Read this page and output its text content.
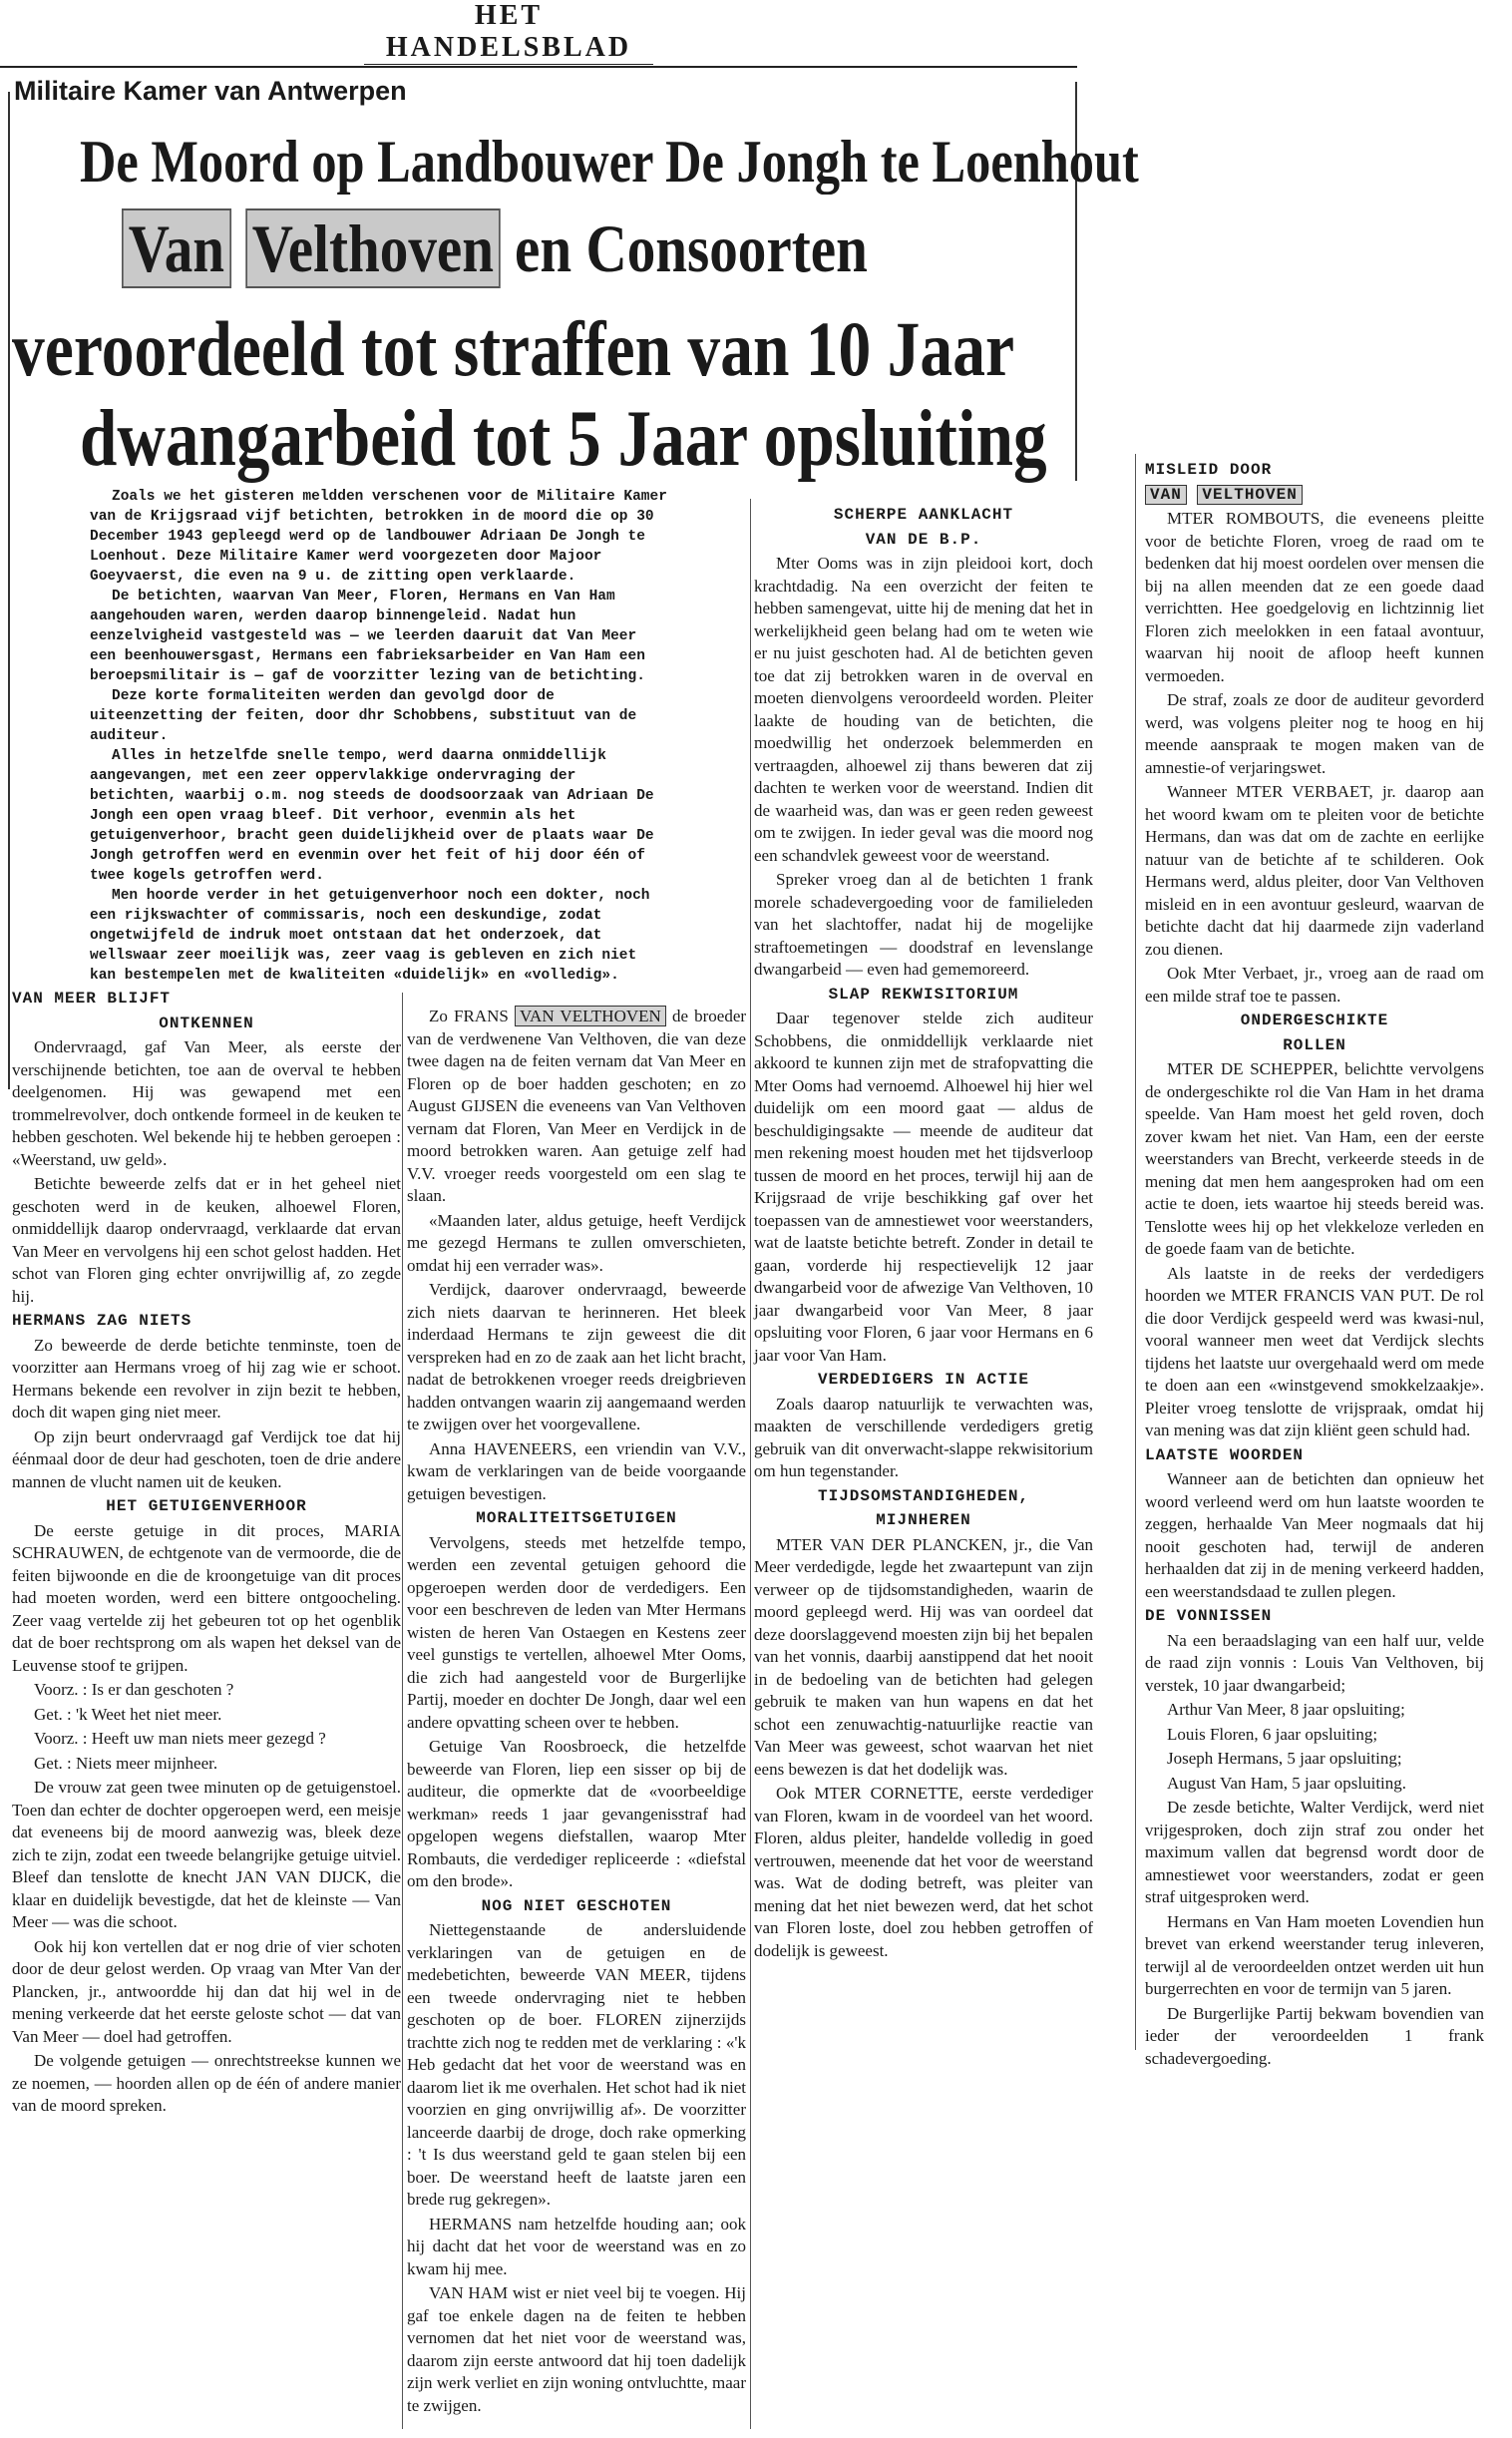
HET HANDELSBLAD
Militaire Kamer van Antwerpen
De Moord op Landbouwer De Jongh te Loenhout
Van Velthoven en Consoorten
veroordeeld tot straffen van 10 Jaar
dwangarbeid tot 5 Jaar opsluiting

Zoals we het gisteren meldden verschenen voor de Militaire Kamer van de Krijgsraad vijf betichten, betrokken in de moord die op 30 December 1943 gepleegd werd op de landbouwer Adriaan De Jongh te Loenhout. Deze Militaire Kamer werd voorgezeten door Majoor Goeyvaerst, die even na 9 u. de zitting open verklaarde.

De betichten, waarvan Van Meer, Floren, Hermans en Van Ham aangehouden waren, werden daarop binnengeleid. Nadat hun eenzelvigheid vastgesteld was — we leerden daaruit dat Van Meer een beenhouwersgast, Hermans een fabrieksarbeider en Van Ham een beroepsmilitair is — gaf de voorzitter lezing van de betichting.

Deze korte formaliteiten werden dan gevolgd door de uiteenzetting der feiten, door dhr Schobbens, substituut van de auditeur.

Alles in hetzelfde snelle tempo, werd daarna onmiddellijk aangevangen, met een zeer oppervlakkige ondervraging der betichten, waarbij o.m. nog steeds de doodsoorzaak van Adriaan De Jongh een open vraag bleef. Dit verhoor, evenmin als het getuigenverhoor, bracht geen duidelijkheid over de plaats waar De Jongh getroffen werd en evenmin over het feit of hij door één of twee kogels getroffen werd.

Men hoorde verder in het getuigenverhoor noch een dokter, noch een rijkswachter of commissaris, noch een deskundige, zodat ongetwijfeld de indruk moet ontstaan dat het onderzoek, dat wellswaar zeer moeilijk was, zeer vaag is gebleven en zich niet kan bestempelen met de kwaliteiten «duidelijk» en «volledig».

VAN MEER BLIJFT

ONTKENNEN

Ondervraagd, gaf Van Meer, als eerste der verschijnende betichten, toe aan de overval te hebben deelgenomen. Hij was gewapend met een trommelrevolver, doch ontkende formeel in de keuken te hebben geschoten. Wel bekende hij te hebben geroepen : «Weerstand, uw geld».

Betichte beweerde zelfs dat er in het geheel niet geschoten werd in de keuken, alhoewel Floren, onmiddellijk daarop ondervraagd, verklaarde dat ervan Van Meer en vervolgens hij een schot gelost hadden. Het schot van Floren ging echter onvrijwillig af, zo zegde hij.

HERMANS ZAG NIETS

Zo beweerde de derde betichte tenminste, toen de voorzitter aan Hermans vroeg of hij zag wie er schoot. Hermans bekende een revolver in zijn bezit te hebben, doch dit wapen ging niet meer.

Op zijn beurt ondervraagd gaf Verdijck toe dat hij éénmaal door de deur had geschoten, toen de drie andere mannen de vlucht namen uit de keuken.

HET GETUIGENVERHOOR

De eerste getuige in dit proces, MARIA SCHRAUWEN, de echtgenote van de vermoorde, die de feiten bijwoonde en die de kroongetuige van dit proces had moeten worden, werd een bittere ontgoocheling. Zeer vaag vertelde zij het gebeuren tot op het ogenblik dat de boer rechtsprong om als wapen het deksel van de Leuvense stoof te grijpen.

Voorz. : Is er dan geschoten ?

Get. : 'k Weet het niet meer.

Voorz. : Heeft uw man niets meer gezegd ?

Get. : Niets meer mijnheer.

De vrouw zat geen twee minuten op de getuigenstoel. Toen dan echter de dochter opgeroepen werd, een meisje dat eveneens bij de moord aanwezig was, bleek deze zich te zijn, zodat een tweede belangrijke getuige uitviel. Bleef dan tenslotte de knecht JAN VAN DIJCK, die klaar en duidelijk bevestigde, dat het de kleinste — Van Meer — was die schoot.

Ook hij kon vertellen dat er nog drie of vier schoten door de deur gelost werden. Op vraag van Mter Van der Plancken, jr., antwoordde hij dan dat hij wel in de mening verkeerde dat het eerste geloste schot — dat van Van Meer — doel had getroffen.

De volgende getuigen — onrechtstreekse kunnen we ze noemen, — hoorden allen op de één of andere manier van de moord spreken.

Zo FRANS VAN VELTHOVEN de broeder van de verdwenene Van Velthoven, die van deze twee dagen na de feiten vernam dat Van Meer en Floren op de boer hadden geschoten; en zo August GIJSEN die eveneens van Van Velthoven vernam dat Floren, Van Meer en Verdijck in de moord betrokken waren. Aan getuige zelf had V.V. vroeger reeds voorgesteld om een slag te slaan.

«Maanden later, aldus getuige, heeft Verdijck me gezegd Hermans te zullen omverschieten, omdat hij een verrader was».

Verdijck, daarover ondervraagd, beweerde zich niets daarvan te herinneren. Het bleek inderdaad Hermans te zijn geweest die dit verspreken had en zo de zaak aan het licht bracht, nadat de betrokkenen vroeger reeds dreigbrieven hadden ontvangen waarin zij aangemaand werden te zwijgen over het voorgevallene.

Anna HAVENEERS, een vriendin van V.V., kwam de verklaringen van de beide voorgaande getuigen bevestigen.

MORALITEITSGETUIGEN

Vervolgens, steeds met hetzelfde tempo, werden een zevental getuigen gehoord die opgeroepen werden door de verdedigers. Een voor een beschreven de leden van Mter Hermans wisten de heren Van Ostaegen en Kestens zeer veel gunstigs te vertellen, alhoewel Mter Ooms, die zich had aangesteld voor de Burgerlijke Partij, moeder en dochter De Jongh, daar wel een andere opvatting scheen over te hebben.

Getuige Van Roosbroeck, die hetzelfde beweerde van Floren, liep een sisser op bij de auditeur, die opmerkte dat de «voorbeeldige werkman» reeds 1 jaar gevangenisstraf had opgelopen wegens diefstallen, waarop Mter Rombauts, die verdediger repliceerde : «diefstal om den brode».

NOG NIET GESCHOTEN

Niettegenstaande de andersluidende verklaringen van de getuigen en de medebetichten, beweerde VAN MEER, tijdens een tweede ondervraging niet te hebben geschoten op de boer. FLOREN zijnerzijds trachtte zich nog te redden met de verklaring : «'k Heb gedacht dat het voor de weerstand was en daarom liet ik me overhalen. Het schot had ik niet voorzien en ging onvrijwillig af». De voorzitter lanceerde daarbij de droge, doch rake opmerking : 't Is dus weerstand geld te gaan stelen bij een boer. De weerstand heeft de laatste jaren een brede rug gekregen».

HERMANS nam hetzelfde houding aan; ook hij dacht dat het voor de weerstand was en zo kwam hij mee.

VAN HAM wist er niet veel bij te voegen. Hij gaf toe enkele dagen na de feiten te hebben vernomen dat het niet voor de weerstand was, daarom zijn eerste antwoord dat hij toen dadelijk zijn werk verliet en zijn woning ontvluchtte, maar te zwijgen.

SCHERPE AANKLACHT

VAN DE B.P.

Mter Ooms was in zijn pleidooi kort, doch krachtdadig. Na een overzicht der feiten te hebben samengevat, uitte hij de mening dat het in werkelijkheid geen belang had om te weten wie er nu juist geschoten had. Al de betichten geven toe dat zij betrokken waren in de overval en moeten dienvolgens veroordeeld worden. Pleiter laakte de houding van de betichten, die moedwillig het onderzoek belemmerden en vertraagden, alhoewel zij thans beweren dat zij dachten te werken voor de weerstand. Indien dit de waarheid was, dan was er geen reden geweest om te zwijgen. In ieder geval was die moord nog een schandvlek geweest voor de weerstand.

Spreker vroeg dan al de betichten 1 frank morele schadevergoeding voor de familieleden van het slachtoffer, nadat hij de mogelijke straftoemetingen — doodstraf en levenslange dwangarbeid — even had gememoreerd.

SLAP REKWISITORIUM

Daar tegenover stelde zich auditeur Schobbens, die onmiddellijk verklaarde niet akkoord te kunnen zijn met de strafopvatting die Mter Ooms had vernoemd. Alhoewel hij hier wel duidelijk om een moord gaat — aldus de beschuldigingsakte — meende de auditeur dat men rekening moest houden met het tijdsverloop tussen de moord en het proces, terwijl hij aan de Krijgsraad de vrije beschikking gaf over het toepassen van de amnestiewet voor weerstanders, wat de laatste betichte betreft. Zonder in detail te gaan, vorderde hij respectievelijk 12 jaar dwangarbeid voor de afwezige Van Velthoven, 10 jaar dwangarbeid voor Van Meer, 8 jaar opsluiting voor Floren, 6 jaar voor Hermans en 6 jaar voor Van Ham.

VERDEDIGERS IN ACTIE

Zoals daarop natuurlijk te verwachten was, maakten de verschillende verdedigers gretig gebruik van dit onverwacht-slappe rekwisitorium om hun tegenstander.

TIJDSOMSTANDIGHEDEN,

MIJNHEREN

MTER VAN DER PLANCKEN, jr., die Van Meer verdedigde, legde het zwaartepunt van zijn verweer op de tijdsomstandigheden, waarin de moord gepleegd werd. Hij was van oordeel dat deze doorslaggevend moesten zijn bij het bepalen van het vonnis, daarbij aanstippend dat het nooit in de bedoeling van de betichten had gelegen gebruik te maken van hun wapens en dat het schot een zenuwachtig-natuurlijke reactie van Van Meer was geweest, schot waarvan het niet eens bewezen is dat het dodelijk was.

Ook MTER CORNETTE, eerste verdediger van Floren, kwam in de voordeel van het woord. Floren, aldus pleiter, handelde volledig in goed vertrouwen, meenende dat het voor de weerstand was. Wat de doding betreft, was pleiter van mening dat het niet bewezen werd, dat het schot van Floren loste, doel zou hebben getroffen of dodelijk is geweest.

MISLEID DOOR

VAN VELTHOVEN

MTER ROMBOUTS, die eveneens pleitte voor de betichte Floren, vroeg de raad om te bedenken dat hij moest oordelen over mensen die bij na allen meenden dat ze een goede daad verrichtten. Hee goedgelovig en lichtzinnig liet Floren zich meelokken in een fataal avontuur, waarvan hij nooit de afloop heeft kunnen vermoeden.

De straf, zoals ze door de auditeur gevorderd werd, was volgens pleiter nog te hoog en hij meende aanspraak te mogen maken van de amnestie-of verjaringswet.

Wanneer MTER VERBAET, jr. daarop aan het woord kwam om te pleiten voor de betichte Hermans, dan was dat om de zachte en eerlijke natuur van de betichte af te schilderen. Ook Hermans werd, aldus pleiter, door Van Velthoven misleid en in een avontuur gesleurd, waarvan de betichte dacht dat hij daarmede zijn vaderland zou dienen.

Ook Mter Verbaet, jr., vroeg aan de raad om een milde straf toe te passen.

ONDERGESCHIKTE

ROLLEN

MTER DE SCHEPPER, belichtte vervolgens de ondergeschikte rol die Van Ham in het drama speelde. Van Ham moest het geld roven, doch zover kwam het niet. Van Ham, een der eerste weerstanders van Brecht, verkeerde steeds in de mening dat men hem aangesproken had om een actie te doen, iets waartoe hij steeds bereid was. Tenslotte wees hij op het vlekkeloze verleden en de goede faam van de betichte.

Als laatste in de reeks der verdedigers hoorden we MTER FRANCIS VAN PUT. De rol die door Verdijck gespeeld werd was kwasi-nul, vooral wanneer men weet dat Verdijck slechts tijdens het laatste uur overgehaald werd om mede te doen aan een «winstgevend smokkelzaakje». Pleiter vroeg tenslotte de vrijspraak, omdat hij van mening was dat zijn kliënt geen schuld had.

LAATSTE WOORDEN

Wanneer aan de betichten dan opnieuw het woord verleend werd om hun laatste woorden te zeggen, herhaalde Van Meer nogmaals dat hij nooit geschoten had, terwijl de anderen herhaalden dat zij in de mening verkeerd hadden, een weerstandsdaad te zullen plegen.

DE VONNISSEN

Na een beraadslaging van een half uur, velde de raad zijn vonnis : Louis Van Velthoven, bij verstek, 10 jaar dwangarbeid;

Arthur Van Meer, 8 jaar opsluiting;

Louis Floren, 6 jaar opsluiting;

Joseph Hermans, 5 jaar opsluiting;

August Van Ham, 5 jaar opsluiting.

De zesde betichte, Walter Verdijck, werd niet vrijgesproken, doch zijn straf zou onder het maximum vallen dat begrensd wordt door de amnestiewet voor weerstanders, zodat er geen straf uitgesproken werd.

Hermans en Van Ham moeten Lovendien hun brevet van erkend weerstander terug inleveren, terwijl al de veroordeelden ontzet werden uit hun burgerrechten en voor de termijn van 5 jaren.

De Burgerlijke Partij bekwam bovendien van ieder der veroordeelden 1 frank schadevergoeding.
